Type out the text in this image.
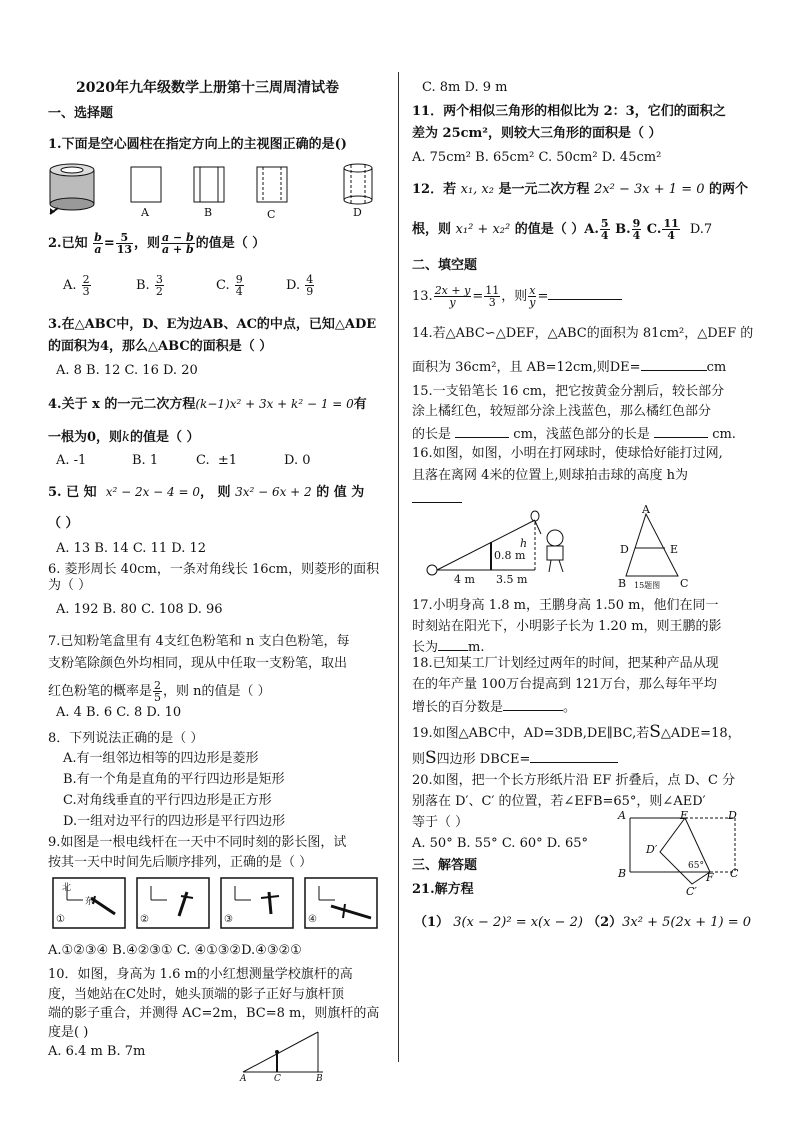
2020年九年级数学上册第十三周周清试卷
一、选择题
1.下面是空心圆柱在指定方向上的主视图正确的是()
A	B	C	D
2.已知 $\frac{b}{a} = \frac{5}{13}$ ，则 $\frac{a - b}{a + b}$ 的值是（ ）
A. $\frac{2}{3}$	B. $\frac{3}{2}$	C. $\frac{9}{4}$	D. $\frac{4}{9}$
3.在△ABC中，D、E为边AB、AC的中点，已知△ADE
的面积为4，那么△ABC的面积是（ ）
A. 8 B. 12 C. 16 D. 20
4.关于 x 的一元二次方程(k−1)x² + 3x + k² − 1 = 0有
一根为0，则k的值是（ ）
A. -1	B. 1	C. ±1	D. 0
5. 已 知 x² − 2x − 4 = 0， 则 3x² − 6x + 2 的 值 为
（ ）
A. 13 B. 14 C. 11 D. 12
6. 菱形周长 40cm，一条对角线长 16cm，则菱形的面积
为（ ）
A. 192 B. 80 C. 108 D. 96
7.已知粉笔盒里有 4支红色粉笔和 n 支白色粉笔，每
支粉笔除颜色外均相同，现从中任取一支粉笔，取出
红色粉笔的概率是 $\frac{2}{5}$ ，则 n的值是（ ）
A. 4 B. 6 C. 8 D. 10
8．下列说法正确的是（ ）
A.有一组邻边相等的四边形是菱形
B.有一个角是直角的平行四边形是矩形
C.对角线垂直的平行四边形是正方形
D.一组对边平行的四边形是平行四边形
9.如图是一根电线杆在一天中不同时刻的影长图，试
按其一天中时间先后顺序排列，正确的是（ ）
北
东
①	②	③	④
A.①②③④ B.④②③① C. ④①③②D.④③②①
10．如图，身高为 1.6 m的小红想测量学校旗杆的高
度，当她站在C处时，她头顶端的影子正好与旗杆顶
端的影子重合，并测得 AC=2m，BC=8 m，则旗杆的高
度是( )
A. 6.4 m B. 7m
A	C	B
C. 8m D. 9 m
11．两个相似三角形的相似比为 2：3，它们的面积之
差为 25cm²，则较大三角形的面积是（ ）
A. 75cm² B. 65cm² C. 50cm² D. 45cm²
12．若 x₁, x₂ 是一元二次方程 2x² − 3x + 1 = 0 的两个
根，则 x₁² + x₂² 的值是（ ）A. $\frac{5}{4} B$. $\frac{9}{4} C$. $\frac{11}{4} D.7$
二、填空题
13. $\frac{2x + y}{y} = \frac{11}{3}$ ，则 $\frac{x}{y}$ =
14.若△ABC∽△DEF，△ABC的面积为 81cm²，△DEF 的
面积为 36cm²，且 AB=12cm,则DE=	cm
15.一支铅笔长 16 cm，把它按黄金分割后，较长部分
涂上橘红色，较短部分涂上浅蓝色，那么橘红色部分
的长是	cm，浅蓝色部分的长是	cm.
16.如图，如图，小明在打网球时，使球恰好能打过网,
且落在离网 4米的位置上,则球拍击球的高度 h为
h
0.8 m
4 m 3.5 m
A
D	E
B 15题图 C
17.小明身高 1.8 m，王鹏身高 1.50 m，他们在同一
时刻站在阳光下，小明影子长为 1.20 m，则王鹏的影
长为 m.
18.已知某工厂计划经过两年的时间，把某种产品从现
在的年产量 100万台提高到 121万台，那么每年平均
增长的百分数是	。
19.如图△ABC中，AD=3DB,DE∥BC,若S△ADE=18，
则S四边形 DBCE=
20.如图，把一个长方形纸片沿 EF 折叠后，点 D、C 分
别落在 D′、C′ 的位置，若∠EFB=65°，则∠AED′
等于（ ）
A. 50° B. 55° C. 60° D. 65°
A	E	D
D′
65°
B	F C
C′
三、解答题
21.解方程
（1） 3(x − 2)² = x(x − 2) （2）3x² + 5(2x + 1) = 0
